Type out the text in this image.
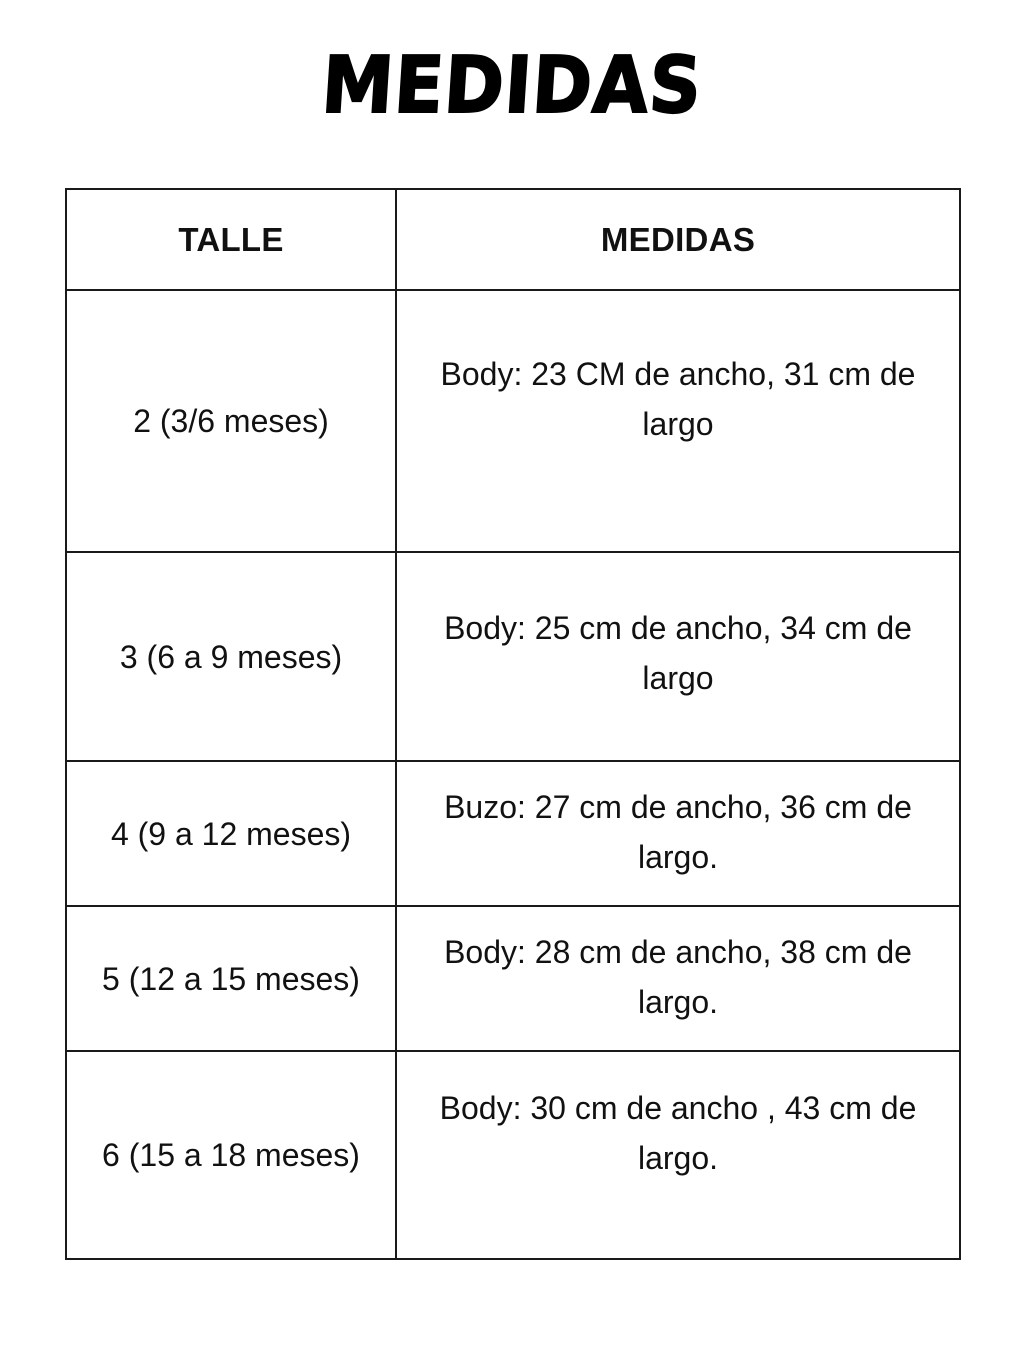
MEDIDAS
TALLE	MEDIDAS
2 (3/6 meses)	Body: 23 CM de ancho, 31 cm de largo
3 (6 a 9 meses)	Body: 25 cm de ancho, 34 cm de largo
4 (9 a 12 meses)	Buzo: 27 cm de ancho, 36 cm de largo.
5 (12 a 15 meses)	Body: 28 cm de ancho, 38 cm de largo.
6 (15 a 18 meses)	Body: 30 cm de ancho , 43 cm de largo.
